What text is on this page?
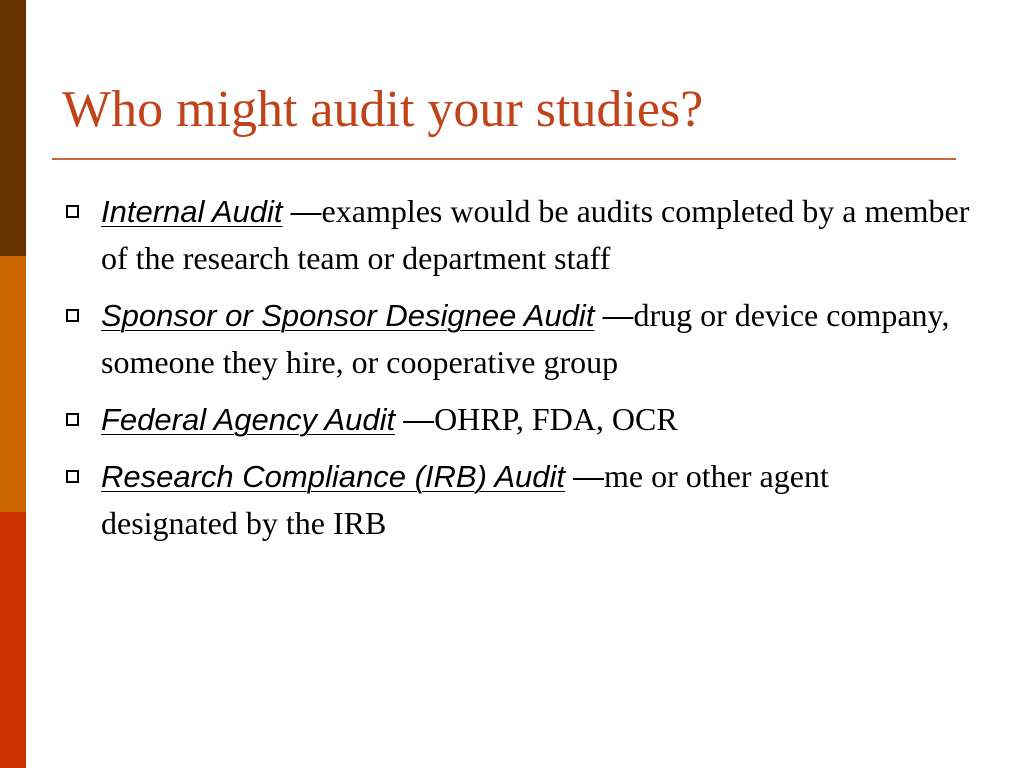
Who might audit your studies?
Internal Audit —examples would be audits completed by a member of the research team or department staff
Sponsor or Sponsor Designee Audit —drug or device company, someone they hire, or cooperative group
Federal Agency Audit —OHRP, FDA, OCR
Research Compliance (IRB) Audit —me or other agent designated by the IRB
